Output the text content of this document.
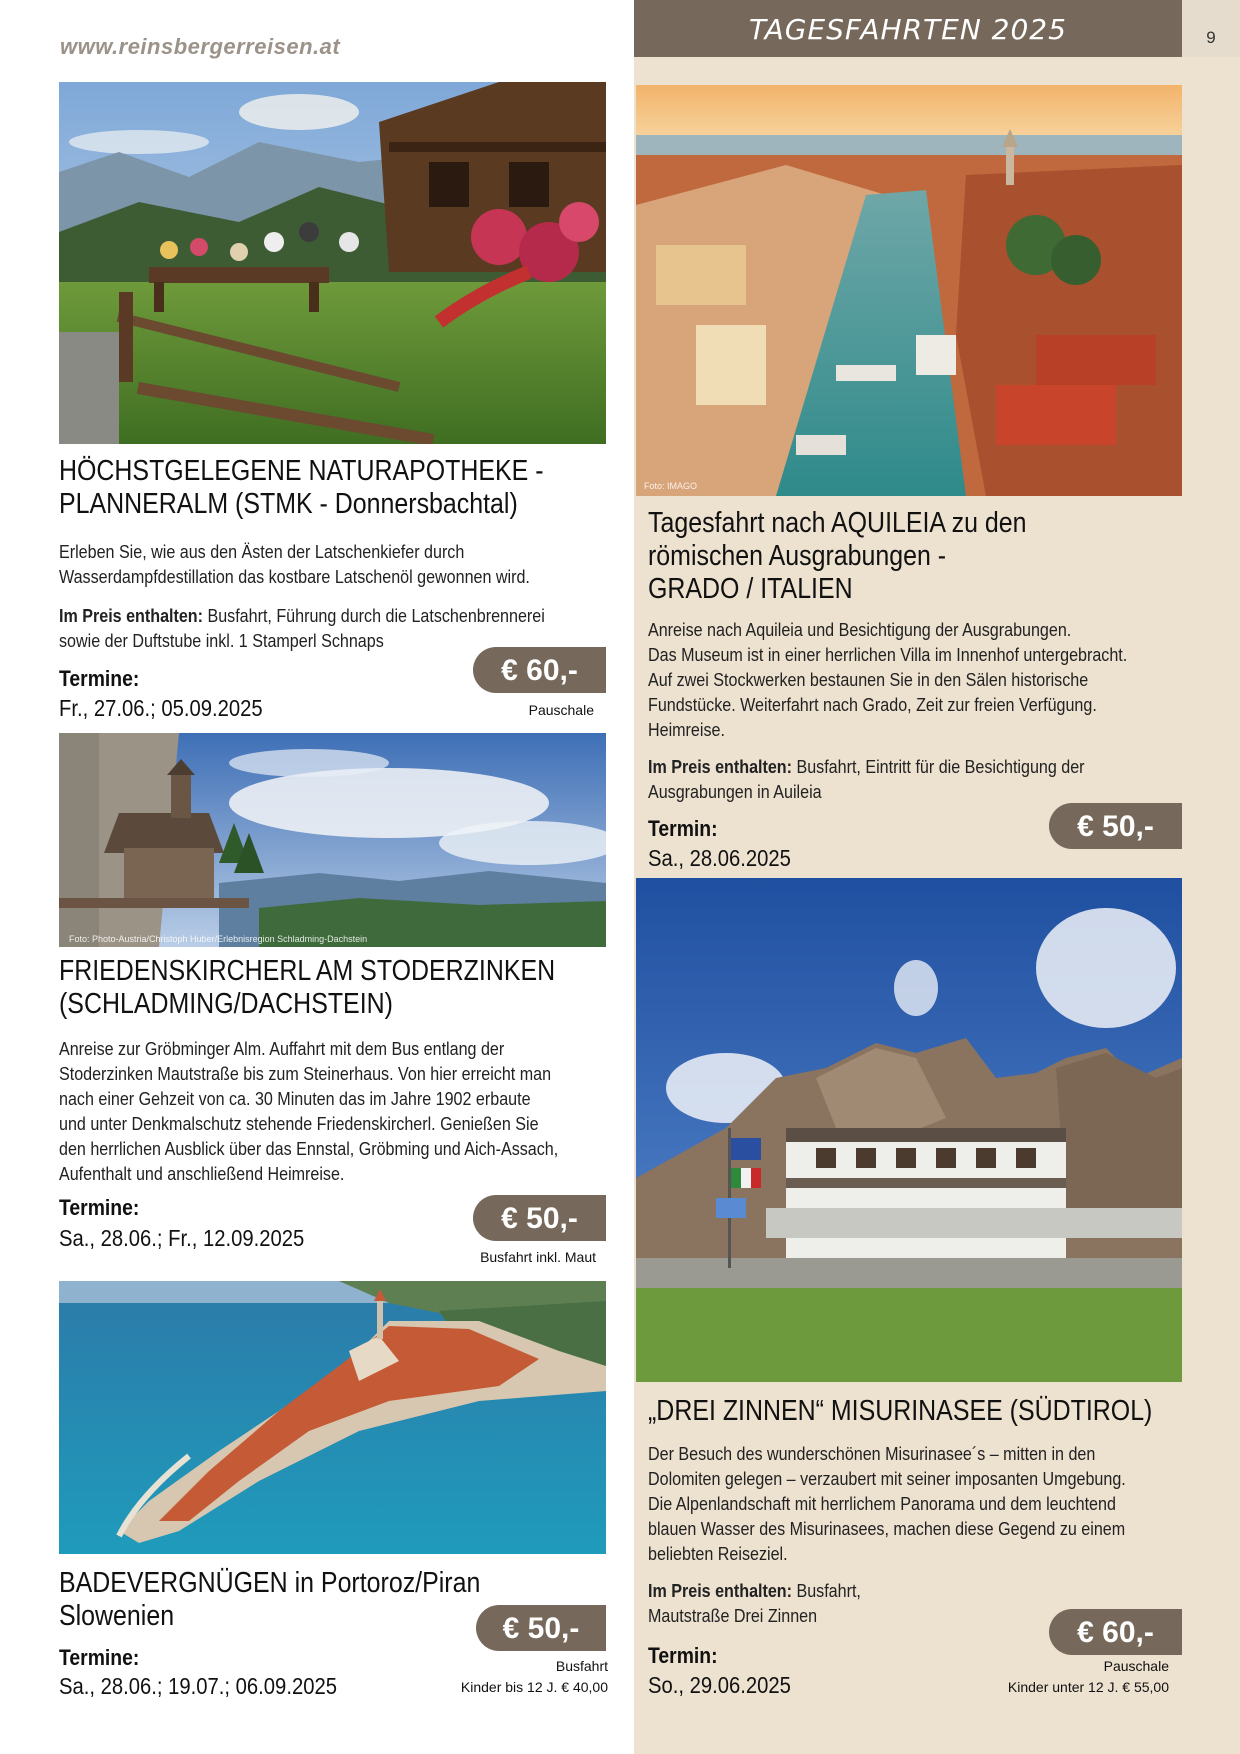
TAGESFAHRTEN 2025	9
www.reinsbergerreisen.at
HÖCHSTGELEGENE NATURAPOTHEKE -
PLANNERALM (STMK - Donnersbachtal)
Erleben Sie, wie aus den Ästen der Latschenkiefer durch
Wasserdampfdestillation das kostbare Latschenöl gewonnen wird.
Im Preis enthalten: Busfahrt, Führung durch die Latschenbrennerei
sowie der Duftstube inkl. 1 Stamperl Schnaps
Termine:
Fr., 27.06.; 05.09.2025
€ 60,-
Pauschale
Foto: Photo-Austria/Christoph Huber/Erlebnisregion Schladming-Dachstein
FRIEDENSKIRCHERL AM STODERZINKEN
(SCHLADMING/DACHSTEIN)
Anreise zur Gröbminger Alm. Auffahrt mit dem Bus entlang der
Stoderzinken Mautstraße bis zum Steinerhaus. Von hier erreicht man
nach einer Gehzeit von ca. 30 Minuten das im Jahre 1902 erbaute
und unter Denkmalschutz stehende Friedenskircherl. Genießen Sie
den herrlichen Ausblick über das Ennstal, Gröbming und Aich-Assach,
Aufenthalt und anschließend Heimreise.
Termine:
Sa., 28.06.; Fr., 12.09.2025
€ 50,-
Busfahrt inkl. Maut
BADEVERGNÜGEN in Portoroz/Piran
Slowenien
Termine:
Sa., 28.06.; 19.07.; 06.09.2025
€ 50,-
Busfahrt
Kinder bis 12 J. € 40,00
Foto: IMAGO
Tagesfahrt nach AQUILEIA zu den
römischen Ausgrabungen -
GRADO / ITALIEN
Anreise nach Aquileia und Besichtigung der Ausgrabungen.
Das Museum ist in einer herrlichen Villa im Innenhof untergebracht.
Auf zwei Stockwerken bestaunen Sie in den Sälen historische
Fundstücke. Weiterfahrt nach Grado, Zeit zur freien Verfügung.
Heimreise.
Im Preis enthalten: Busfahrt, Eintritt für die Besichtigung der
Ausgrabungen in Auileia
Termin:
Sa., 28.06.2025
€ 50,-
„DREI ZINNEN“ MISURINASEE (SÜDTIROL)
Der Besuch des wunderschönen Misurinasee´s – mitten in den
Dolomiten gelegen – verzaubert mit seiner imposanten Umgebung.
Die Alpenlandschaft mit herrlichem Panorama und dem leuchtend
blauen Wasser des Misurinasees, machen diese Gegend zu einem
beliebten Reiseziel.
Im Preis enthalten: Busfahrt,
Mautstraße Drei Zinnen
Termin:
So., 29.06.2025
€ 60,-
Pauschale
Kinder unter 12 J. € 55,00
